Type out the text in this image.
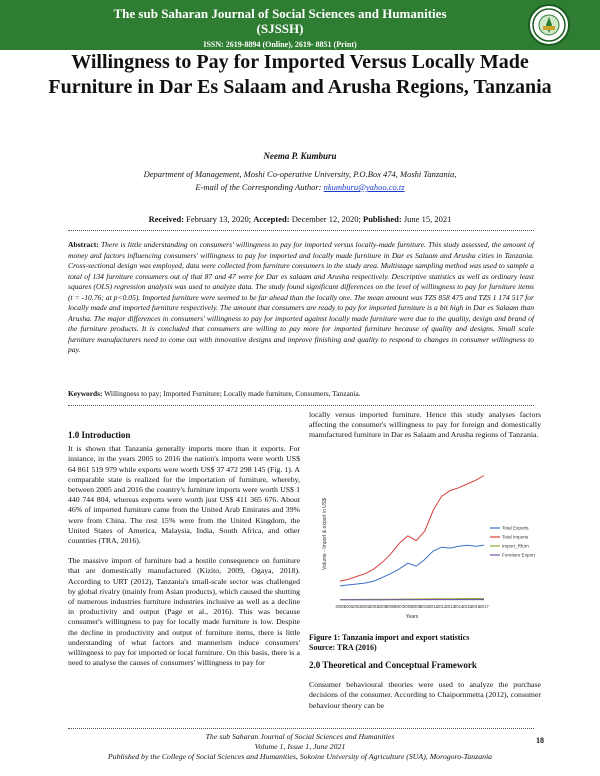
The sub Saharan Journal of Social Sciences and Humanities
(SJSSH)
ISSN: 2619-8894 (Online), 2619- 8851 (Print)
Willingness to Pay for Imported Versus Locally Made Furniture in Dar Es Salaam and Arusha Regions, Tanzania
Neema P. Kumburu
Department of Management, Moshi Co-operative University, P.O.Box 474, Moshi Tanzania,
E-mail of the Corresponding Author: nkumburu@yahoo.co.tz
Received: February 13, 2020; Accepted: December 12, 2020; Published: June 15, 2021
Abstract: There is little understanding on consumers' willingness to pay for imported versus locally-made furniture. This study assessed, the amount of money and factors influencing consumers' willingness to pay for imported and locally made furniture in Dar es Salaam and Arusha cities in Tanzania. Cross-sectional design was employed, data were collected from furniture consumers in the study area. Multistage sampling method was used to sample a total of 134 furniture consumers out of that 87 and 47 were for Dar es salaam and Arusha respectively. Descriptive statistics as well as ordinary least squares (OLS) regression analysis was used to analyze data. The study found significant differences on the level of willingness to pay for furniture items (t = -10.76; at p<0.05). Imported furniture were seemed to be far ahead than the locally one. The mean amount was TZS 858 475 and TZS 1 174 517 for locally made and imported furniture respectively. The amount that consumers are ready to pay for imported furniture is a bit high in Dar es Salaam than Arusha. The major differences in consumers' willingness to pay for imported against locally made furniture were due to the quality, design and brand of the furniture products. It is concluded that consumers are willing to pay more for imported furniture because of quality and designs. Small scale furniture manufacturers need to come out with innovative designs and improve finishing and quality to respond to changes in consumer willingness to pay.
Keywords: Willingness to pay; Imported Furniture; Locally made furniture, Consumers, Tanzania.
1.0 Introduction
It is shown that Tanzania generally imports more than it exports. For instance, in the years 2005 to 2016 the nation's imports were worth US$ 64 861 519 979 while exports were worth US$ 37 472 298 145 (Fig. 1). A comparable state is realized for the importation of furniture, whereby, between 2005 and 2016 the country's furniture imports were worth US$ 1 440 744 804, whereas exports were worth just US$ 411 365 676. About 46% of imported furniture came from the United Arab Emirates and 39% were from China. The rest 15% were from the United Kingdom, the United States of America, Malaysia, India, South Africa, and other countries (TRA, 2016).
The massive import of furniture had a hostile consequence on furniture that are domestically manufactured (Kizito, 2009, Ogaya, 2018). According to URT (2012), Tanzania's small-scale sector was challenged by global rivalry (mainly from Asian products), which caused the shutting of numerous industries furniture industries inclusive as well as a decline in productivity and output (Page et al., 2016). This was because consumer's willingness to pay for locally made furniture is low. Despite the decline in productivity and output of furniture items, there is little understanding of what factors and mannerism induce consumers' willingness to pay for imported or local furniture. On this basis, there is a need to analyse the causes of consumers' willingness to pay for
locally versus imported furniture. Hence this study analyses factors affecting the consumer's willingness to pay for foreign and domestically manufactured furniture in Dar es Salaam and Arusha regions of Tanzania.
2000 2001 2002 2003 2004 2005 2006 2007 2008 2009 2010 2011 2012 2013 2014 2015 2016 2017
Years
Volume - Import & export in US$	Total Exports
Total Imports
Import_Rfurn
Furniture Export
Figure 1: Tanzania import and export statistics
Source: TRA (2016)
2.0 Theoretical and Conceptual Framework
Consumer behavioural theories were used to analyze the purchase decisions of the consumer. According to Chaipornmetta (2012), consumer behaviour theory can be
The sub Saharan Journal of Social Sciences and Humanities
Volume 1, Issue 1, June 2021
Published by the College of Social Sciences and Humanities, Sokoine University of Agriculture (SUA), Morogoro-Tanzania
18
